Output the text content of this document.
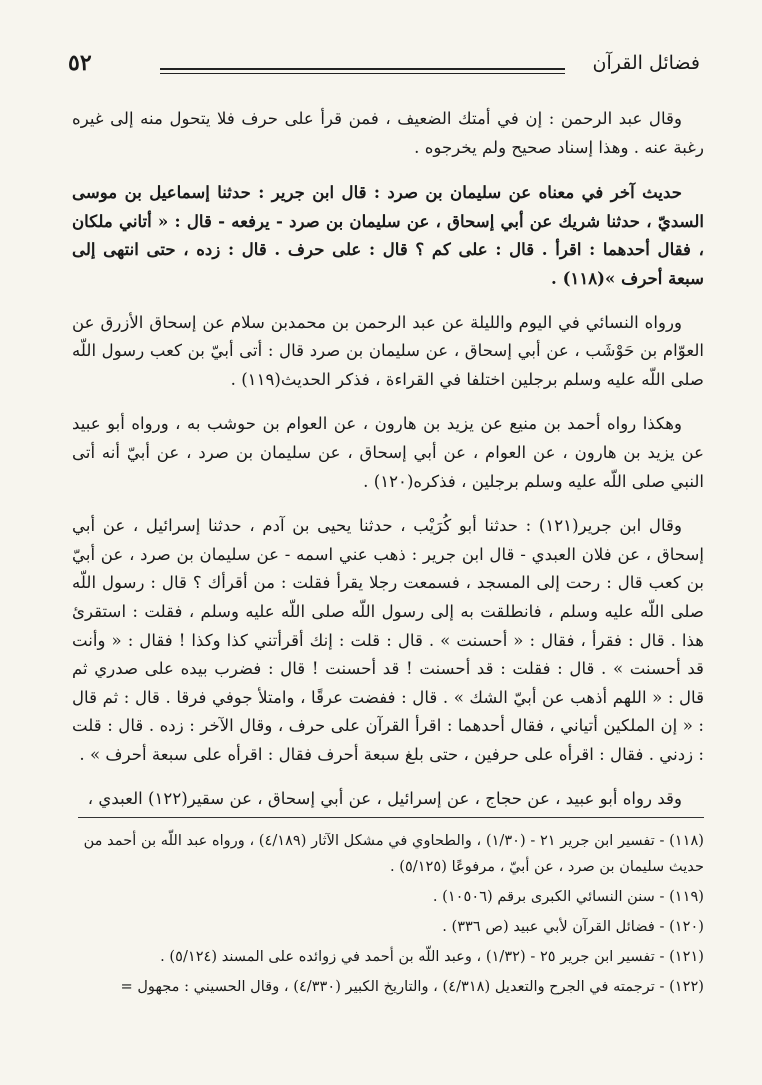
٥٢	فضائل القرآن

وقال عبد الرحمن : إن في أمتك الضعيف ، فمن قرأ على حرف فلا يتحول منه إلى غيره رغبة عنه . وهذا إسناد صحيح ولم يخرجوه .

حديث آخر في معناه عن سليمان بن صرد : قال ابن جرير : حدثنا إسماعيل بن موسى السديّ ، حدثنا شريك عن أبي إسحاق ، عن سليمان بن صرد - يرفعه - قال : « أتاني ملكان ، فقال أحدهما : اقرأ . قال : على كم ؟ قال : على حرف . قال : زده ، حتى انتهى إلى سبعة أحرف »(١١٨) .

ورواه النسائي في اليوم والليلة عن عبد الرحمن بن محمدبن سلام عن إسحاق الأزرق عن العوّام بن حَوْشَب ، عن أبي إسحاق ، عن سليمان بن صرد قال : أتى أبيّ بن كعب رسول اللّه صلى اللّه عليه وسلم برجلين اختلفا في القراءة ، فذكر الحديث(١١٩) .

وهكذا رواه أحمد بن منيع عن يزيد بن هارون ، عن العوام بن حوشب به ، ورواه أبو عبيد عن يزيد بن هارون ، عن العوام ، عن أبي إسحاق ، عن سليمان بن صرد ، عن أبيّ أنه أتى النبي صلى اللّه عليه وسلم برجلين ، فذكره(١٢٠) .

وقال ابن جرير(١٢١) : حدثنا أبو كُرَيْب ، حدثنا يحيى بن آدم ، حدثنا إسرائيل ، عن أبي إسحاق ، عن فلان العبدي - قال ابن جرير : ذهب عني اسمه - عن سليمان بن صرد ، عن أبيّ بن كعب قال : رحت إلى المسجد ، فسمعت رجلا يقرأ فقلت : من أقرأك ؟ قال : رسول اللّه صلى اللّه عليه وسلم ، فانطلقت به إلى رسول اللّه صلى اللّه عليه وسلم ، فقلت : استقرئ هذا . قال : فقرأ ، فقال : « أحسنت » . قال : قلت : إنك أقرأتني كذا وكذا ! فقال : « وأنت قد أحسنت » . قال : فقلت : قد أحسنت ! قد أحسنت ! قال : فضرب بيده على صدري ثم قال : « اللهم أذهب عن أبيّ الشك » . قال : ففضت عرقًا ، وامتلأ جوفي فرقا . قال : ثم قال : « إن الملكين أتياني ، فقال أحدهما : اقرأ القرآن على حرف ، وقال الآخر : زده . قال : قلت : زدني . فقال : اقرأه على حرفين ، حتى بلغ سبعة أحرف فقال : اقرأه على سبعة أحرف » .

وقد رواه أبو عبيد ، عن حجاج ، عن إسرائيل ، عن أبي إسحاق ، عن سقير(١٢٢) العبدي ،

(١١٨) - تفسير ابن جرير ٢١ - (١/٣٠) ، والطحاوي في مشكل الآثار (٤/١٨٩) ، ورواه عبد اللّه بن أحمد من حديث سليمان بن صرد ، عن أبيّ ، مرفوعًا (٥/١٢٥) .

(١١٩) - سنن النسائي الكبرى برقم (١٠٥٠٦) .

(١٢٠) - فضائل القرآن لأبي عبيد (ص ٣٣٦) .

(١٢١) - تفسير ابن جرير ٢٥ - (١/٣٢) ، وعبد اللّه بن أحمد في زوائده على المسند (٥/١٢٤) .

(١٢٢) - ترجمته في الجرح والتعديل (٤/٣١٨) ، والتاريخ الكبير (٤/٣٣٠) ، وقال الحسيني : مجهول =
